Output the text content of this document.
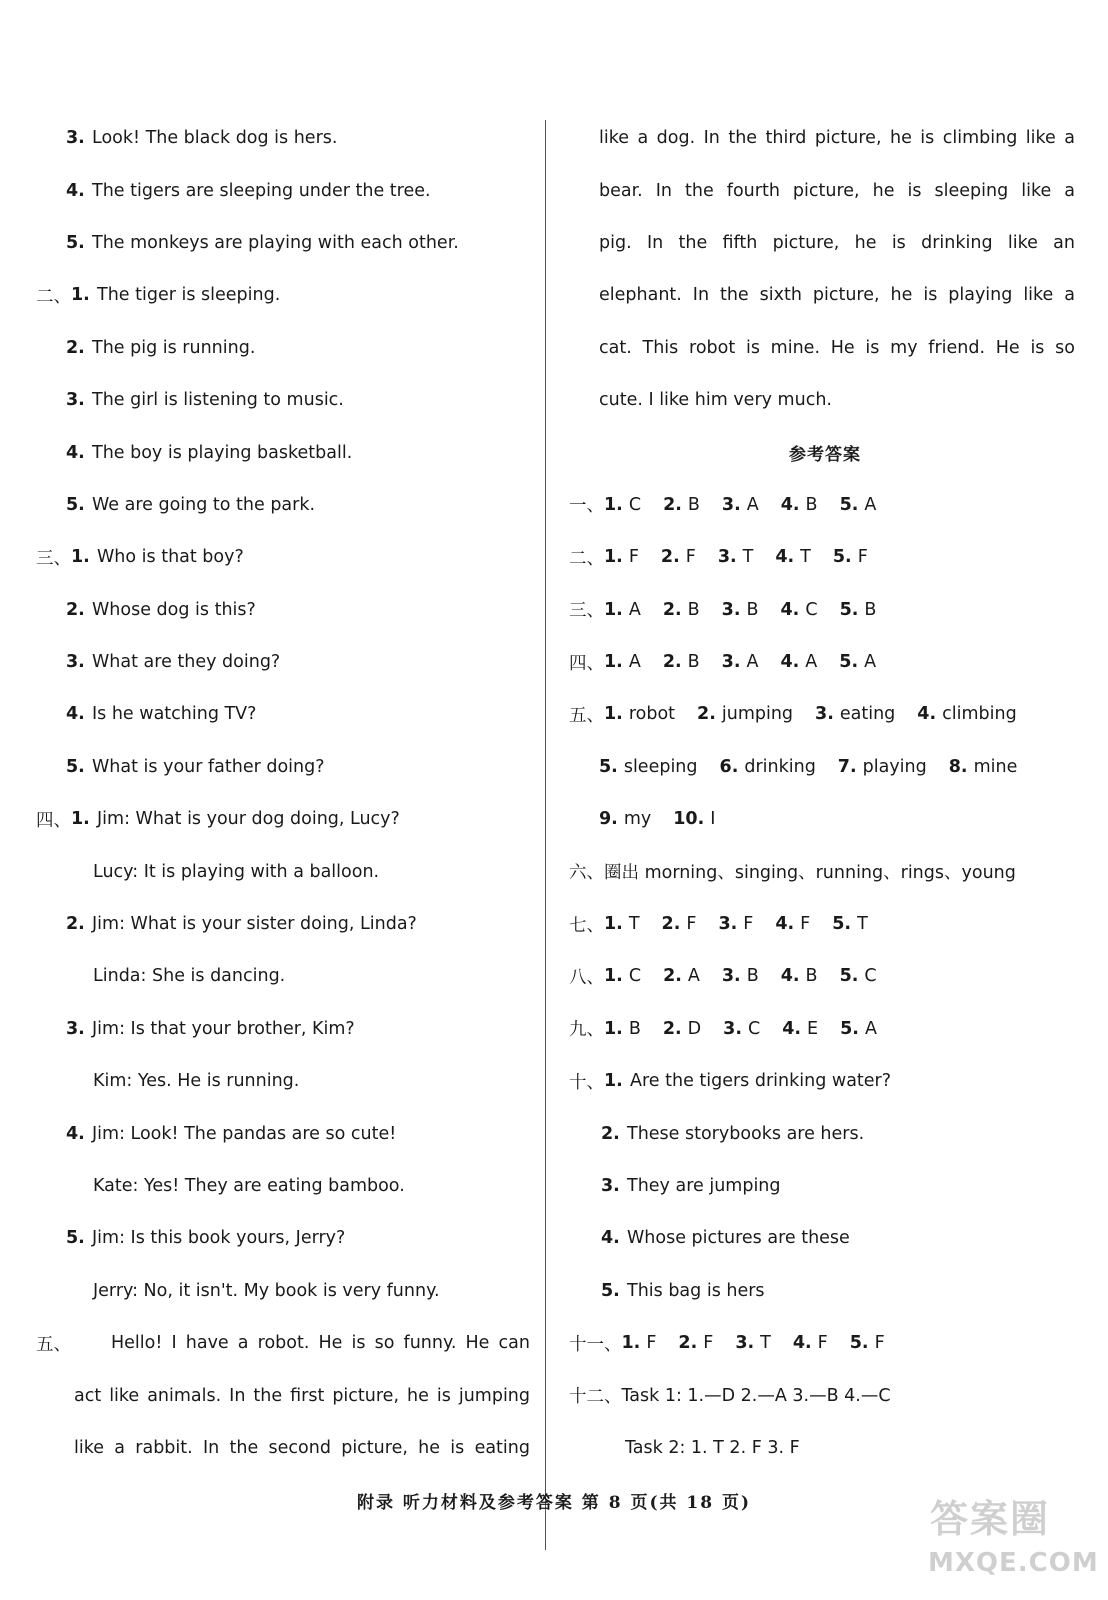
3. Look! The black dog is hers.
4. The tigers are sleeping under the tree.
5. The monkeys are playing with each other.
二、 1. The tiger is sleeping.
2. The pig is running.
3. The girl is listening to music.
4. The boy is playing basketball.
5. We are going to the park.
三、 1. Who is that boy?
2. Whose dog is this?
3. What are they doing?
4. Is he watching TV?
5. What is your father doing?
四、 1. Jim: What is your dog doing, Lucy?
Lucy: It is playing with a balloon.
2. Jim: What is your sister doing, Linda?
Linda: She is dancing.
3. Jim: Is that your brother, Kim?
Kim: Yes. He is running.
4. Jim: Look! The pandas are so cute!
Kate: Yes! They are eating bamboo.
5. Jim: Is this book yours, Jerry?
Jerry: No, it isn't. My book is very funny.
五、	Hello! I have a robot. He is so funny. He can
act like animals. In the first picture, he is jumping
like a rabbit. In the second picture, he is eating
like a dog. In the third picture, he is climbing like a
bear. In the fourth picture, he is sleeping like a
pig. In the fifth picture, he is drinking like an
elephant. In the sixth picture, he is playing like a
cat. This robot is mine. He is my friend. He is so
cute. I like him very much.
参考答案
一、 1. C 2. B 3. A 4. B 5. A
二、 1. F 2. F 3. T 4. T 5. F
三、 1. A 2. B 3. B 4. C 5. B
四、 1. A 2. B 3. A 4. A 5. A
五、 1. robot 2. jumping 3. eating 4. climbing
5. sleeping 6. drinking 7. playing 8. mine
9. my 10. I
六、 圈出 morning、singing、running、rings、young
七、 1. T 2. F 3. F 4. F 5. T
八、 1. C 2. A 3. B 4. B 5. C
九、 1. B 2. D 3. C 4. E 5. A
十、 1. Are the tigers drinking water?
2. These storybooks are hers.
3. They are jumping
4. Whose pictures are these
5. This bag is hers
十一、 1. F 2. F 3. T 4. F 5. F
十二、 Task 1: 1.—D 2.—A 3.—B 4.—C
Task 2: 1. T 2. F 3. F
附录 听力材料及参考答案 第 8 页(共 18 页)	答案圈
MXQE.COM
